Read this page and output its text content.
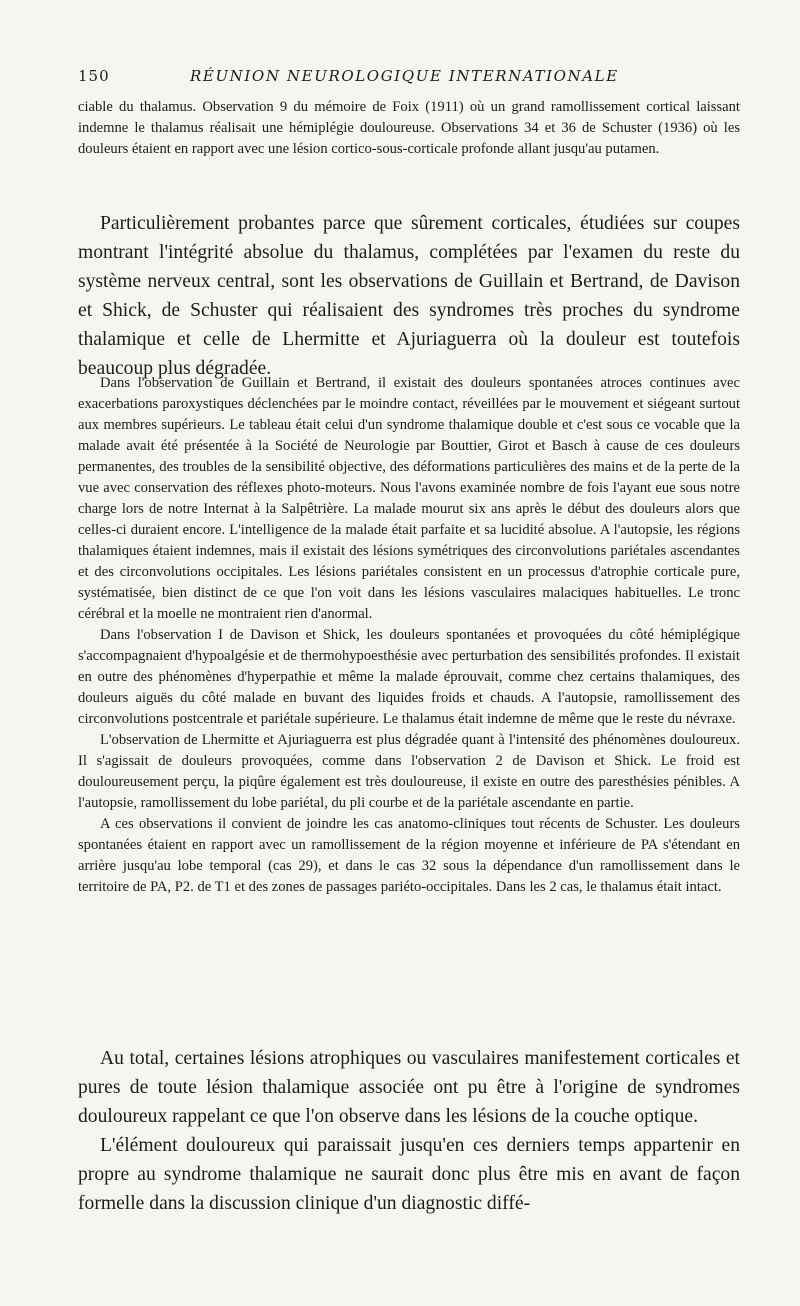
150	RÉUNION NEUROLOGIQUE INTERNATIONALE

ciable du thalamus. Observation 9 du mémoire de Foix (1911) où un grand ramollissement cortical laissant indemne le thalamus réalisait une hémiplégie douloureuse. Observations 34 et 36 de Schuster (1936) où les douleurs étaient en rapport avec une lésion cortico-sous-corticale profonde allant jusqu'au putamen.

Particulièrement probantes parce que sûrement corticales, étudiées sur coupes montrant l'intégrité absolue du thalamus, complétées par l'examen du reste du système nerveux central, sont les observations de Guillain et Bertrand, de Davison et Shick, de Schuster qui réalisaient des syndromes très proches du syndrome thalamique et celle de Lhermitte et Ajuriaguerra où la douleur est toutefois beaucoup plus dégradée.

Dans l'observation de Guillain et Bertrand, il existait des douleurs spontanées atroces continues avec exacerbations paroxystiques déclenchées par le moindre contact, réveillées par le mouvement et siégeant surtout aux membres supérieurs. Le tableau était celui d'un syndrome thalamique double et c'est sous ce vocable que la malade avait été présentée à la Société de Neurologie par Bouttier, Girot et Basch à cause de ces douleurs permanentes, des troubles de la sensibilité objective, des déformations particulières des mains et de la perte de la vue avec conservation des réflexes photo-moteurs. Nous l'avons examinée nombre de fois l'ayant eue sous notre charge lors de notre Internat à la Salpêtrière. La malade mourut six ans après le début des douleurs alors que celles-ci duraient encore. L'intelligence de la malade était parfaite et sa lucidité absolue. A l'autopsie, les régions thalamiques étaient indemnes, mais il existait des lésions symétriques des circonvolutions pariétales ascendantes et des circonvolutions occipitales. Les lésions pariétales consistent en un processus d'atrophie corticale pure, systématisée, bien distinct de ce que l'on voit dans les lésions vasculaires malaciques habituelles. Le tronc cérébral et la moelle ne montraient rien d'anormal.

Dans l'observation I de Davison et Shick, les douleurs spontanées et provoquées du côté hémiplégique s'accompagnaient d'hypoalgésie et de thermohypoesthésie avec perturbation des sensibilités profondes. Il existait en outre des phénomènes d'hyperpathie et même la malade éprouvait, comme chez certains thalamiques, des douleurs aiguës du côté malade en buvant des liquides froids et chauds. A l'autopsie, ramollissement des circonvolutions postcentrale et pariétale supérieure. Le thalamus était indemne de même que le reste du névraxe.

L'observation de Lhermitte et Ajuriaguerra est plus dégradée quant à l'intensité des phénomènes douloureux. Il s'agissait de douleurs provoquées, comme dans l'observation 2 de Davison et Shick. Le froid est douloureusement perçu, la piqûre également est très douloureuse, il existe en outre des paresthésies pénibles. A l'autopsie, ramollissement du lobe pariétal, du pli courbe et de la pariétale ascendante en partie.

A ces observations il convient de joindre les cas anatomo-cliniques tout récents de Schuster. Les douleurs spontanées étaient en rapport avec un ramollissement de la région moyenne et inférieure de PA s'étendant en arrière jusqu'au lobe temporal (cas 29), et dans le cas 32 sous la dépendance d'un ramollissement dans le territoire de PA, P2. de T1 et des zones de passages pariéto-occipitales. Dans les 2 cas, le thalamus était intact.

Au total, certaines lésions atrophiques ou vasculaires manifestement corticales et pures de toute lésion thalamique associée ont pu être à l'origine de syndromes douloureux rappelant ce que l'on observe dans les lésions de la couche optique.

L'élément douloureux qui paraissait jusqu'en ces derniers temps appartenir en propre au syndrome thalamique ne saurait donc plus être mis en avant de façon formelle dans la discussion clinique d'un diagnostic diffé-
